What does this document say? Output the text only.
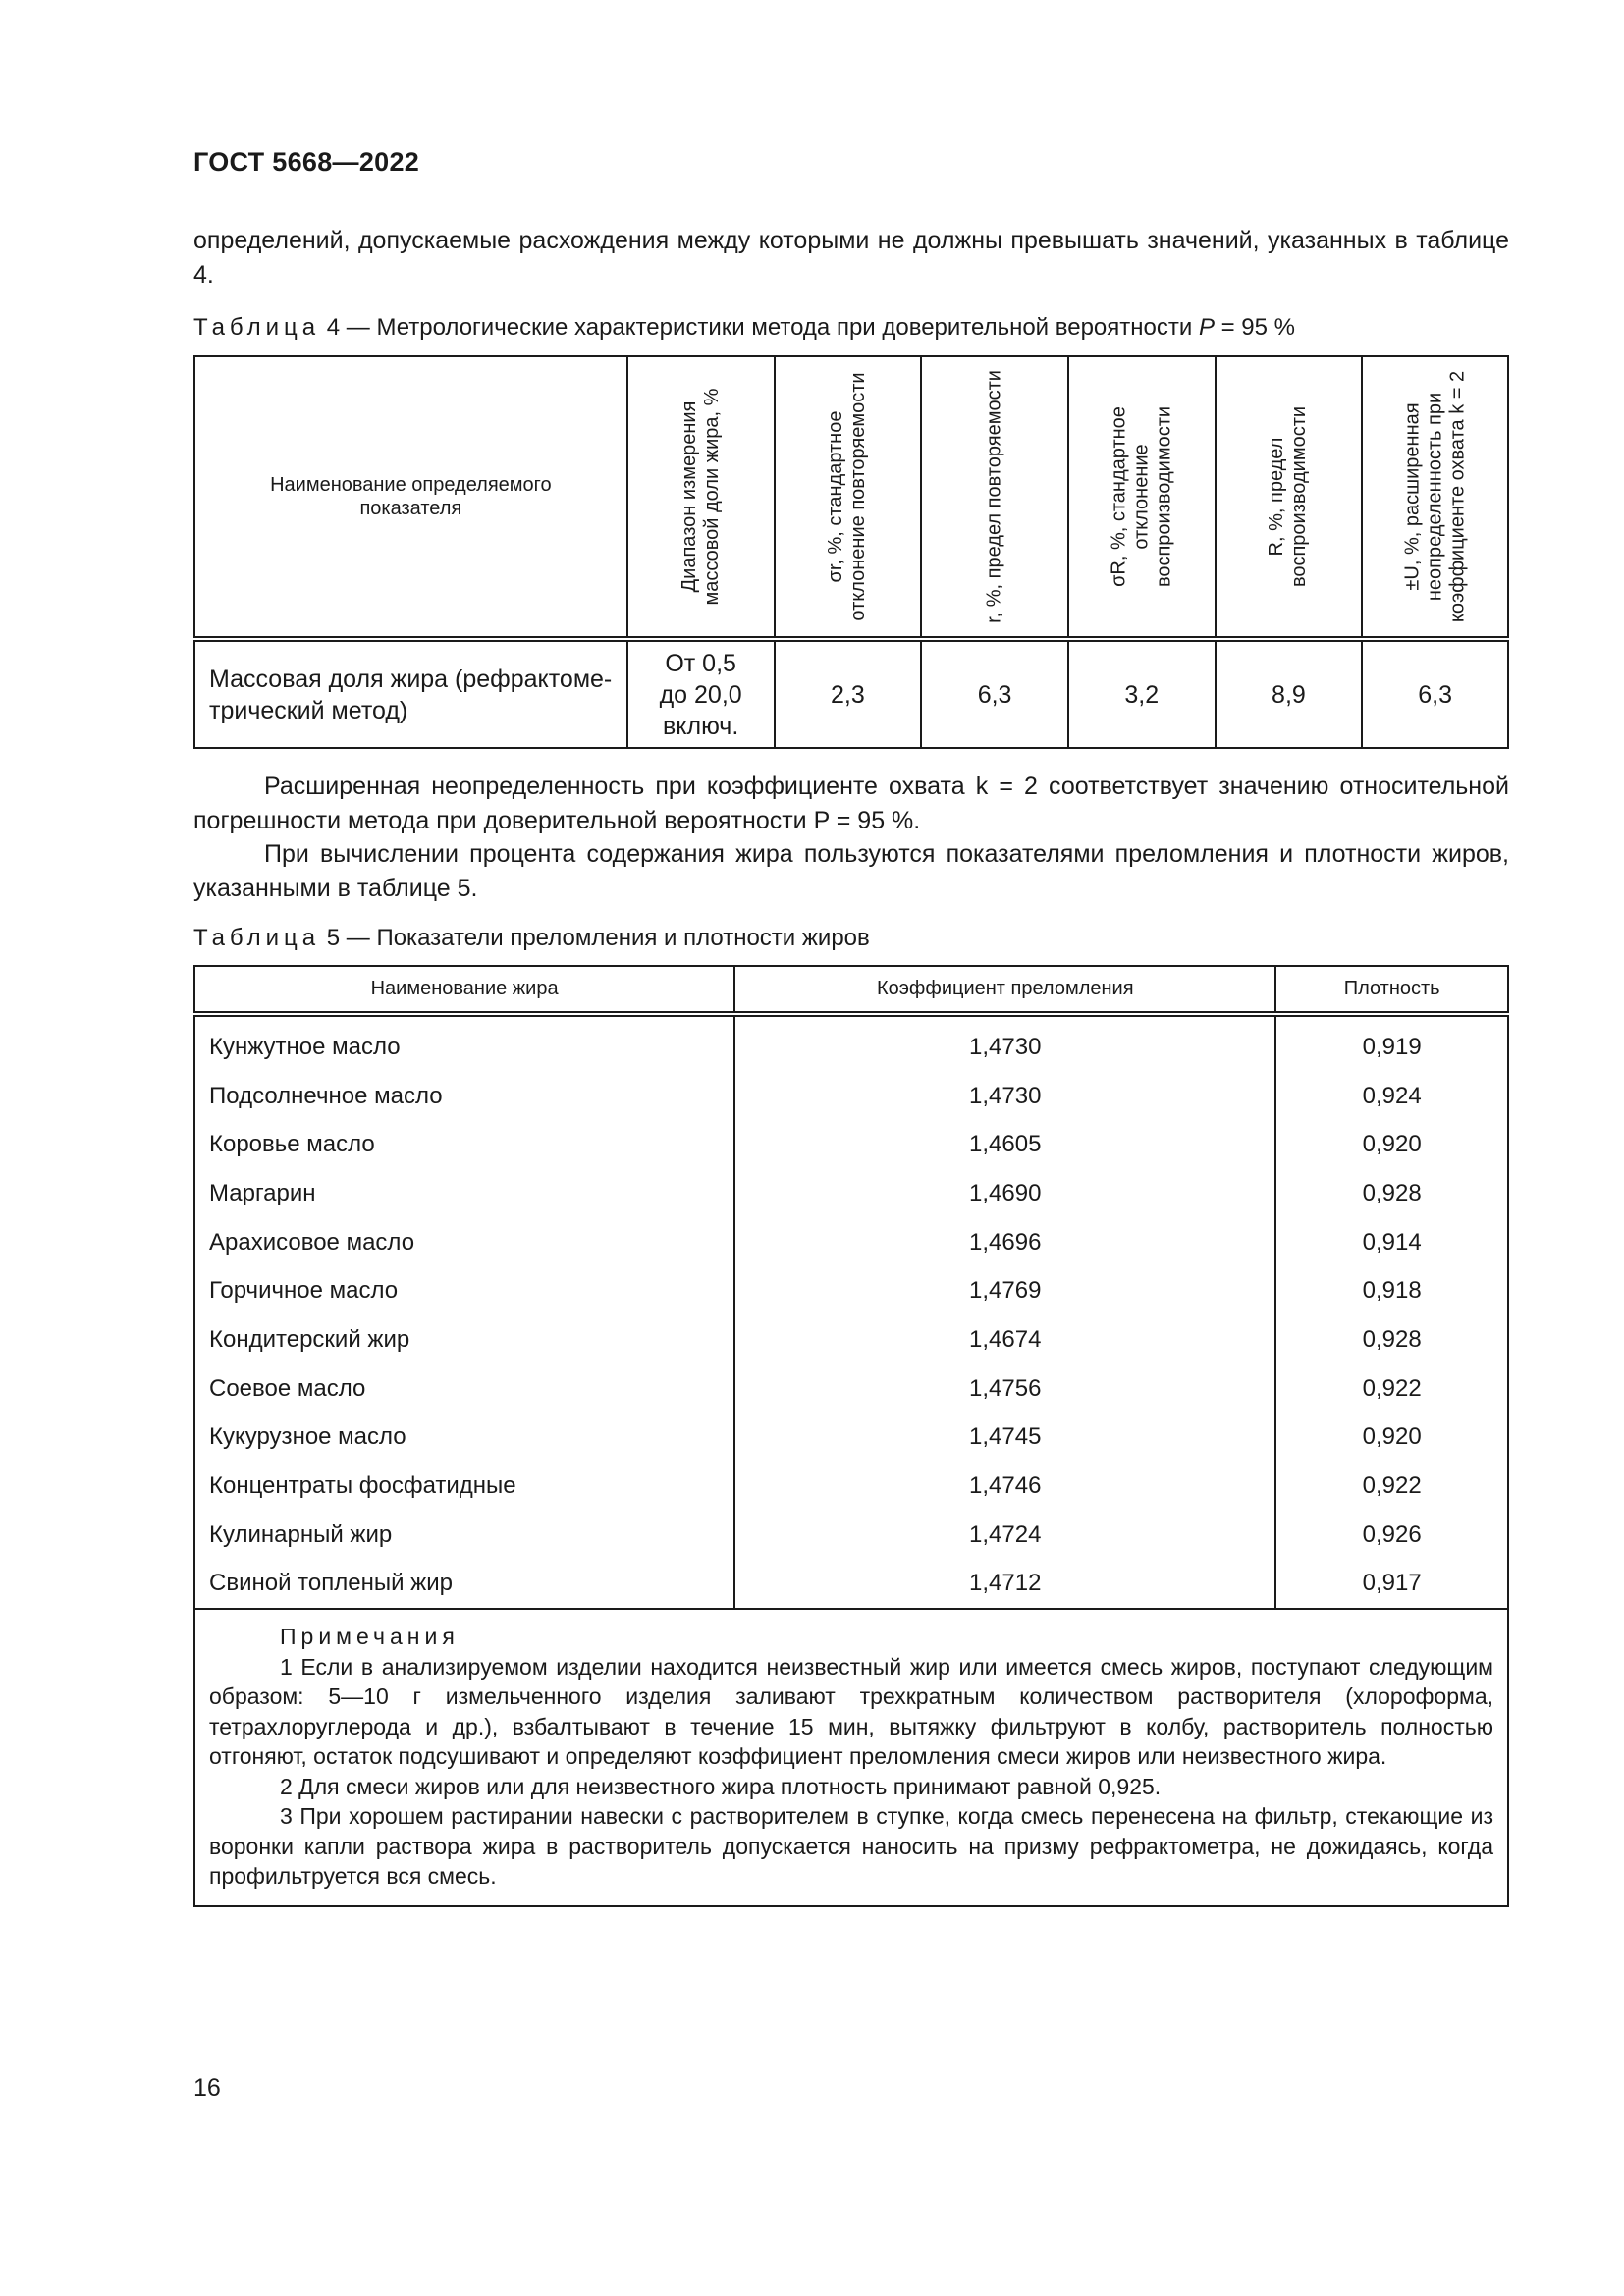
ГОСТ 5668—2022

определений, допускаемые расхождения между которыми не должны превышать значений, указанных в таблице 4.

Таблица 4 — Метрологические характеристики метода при доверительной вероятности P = 95 %
Наименование определяемого показателя	Диапазон измерения массовой доли жира, %	σr, %, стандартное отклонение повторяемости	r, %, предел повторяемости	σR, %, стандартное отклонение воспроизводимости	R, %, предел воспроизводимости	±U, %, расширенная неопределенность при коэффициенте охвата k = 2

Массовая доля жира (рефрактоме-трический метод)	От 0,5 до 20,0 включ.	2,3	6,3	3,2	8,9	6,3

Расширенная неопределенность при коэффициенте охвата k = 2 соответствует значению относительной погрешности метода при доверительной вероятности P = 95 %.

При вычислении процента содержания жира пользуются показателями преломления и плотности жиров, указанными в таблице 5.

Таблица 5 — Показатели преломления и плотности жиров
Наименование жира	Коэффициент преломления	Плотность
Кунжутное масло	1,4730	0,919
Подсолнечное масло	1,4730	0,924
Коровье масло	1,4605	0,920
Маргарин	1,4690	0,928
Арахисовое масло	1,4696	0,914
Горчичное масло	1,4769	0,918
Кондитерский жир	1,4674	0,928
Соевое масло	1,4756	0,922
Кукурузное масло	1,4745	0,920
Концентраты фосфатидные	1,4746	0,922
Кулинарный жир	1,4724	0,926
Свиной топленый жир	1,4712	0,917

Примечания

1 Если в анализируемом изделии находится неизвестный жир или имеется смесь жиров, поступают следующим образом: 5—10 г измельченного изделия заливают трехкратным количеством растворителя (хлороформа, тетрахлоруглерода и др.), взбалтывают в течение 15 мин, вытяжку фильтруют в колбу, растворитель полностью отгоняют, остаток подсушивают и определяют коэффициент преломления смеси жиров или неизвестного жира.

2 Для смеси жиров или для неизвестного жира плотность принимают равной 0,925.

3 При хорошем растирании навески с растворителем в ступке, когда смесь перенесена на фильтр, стекающие из воронки капли раствора жира в растворитель допускается наносить на призму рефрактометра, не дожидаясь, когда профильтруется вся смесь.		

16
